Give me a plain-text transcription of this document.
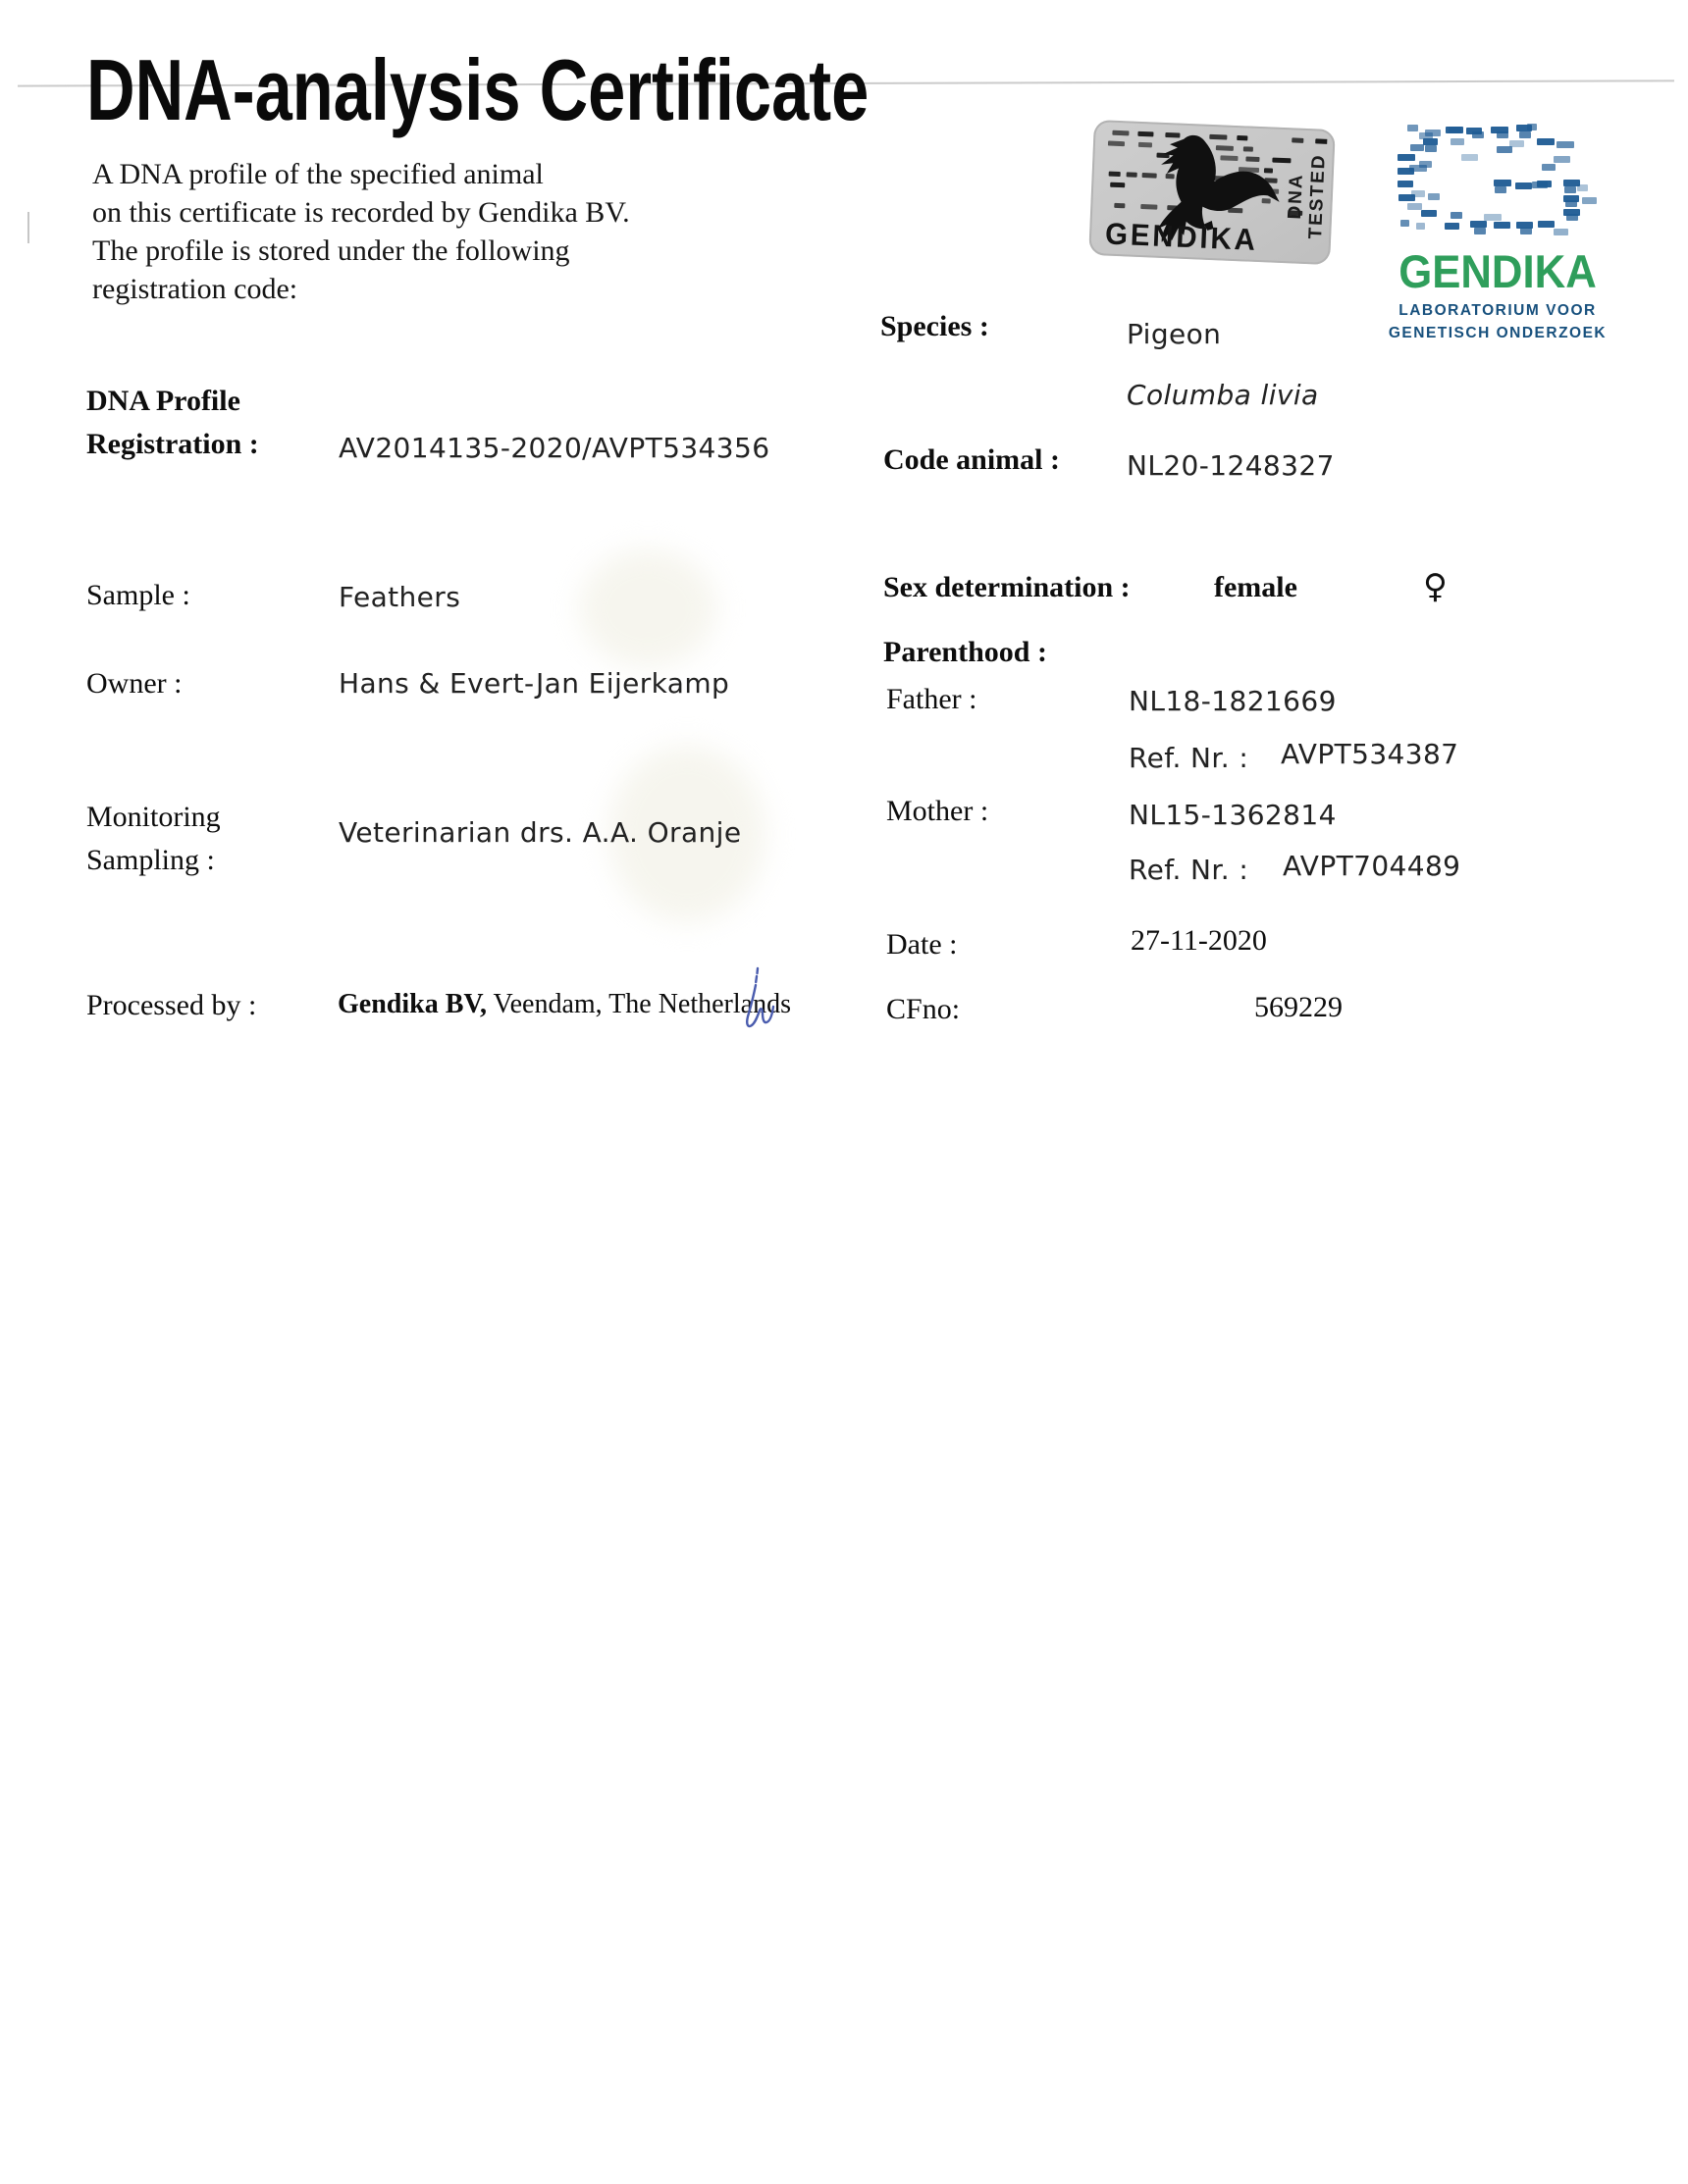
DNA-analysis Certificate
A DNA profile of the specified animal
on this certificate is recorded by Gendika BV.
The profile is stored under the following
registration code:
GENDIKA
DNA TESTED
GENDIKA
LABORATORIUM VOOR
GENETISCH ONDERZOEK
DNA Profile
Registration :	AV2014135-2020/AVPT534356
Sample :	Feathers
Owner :	Hans & Evert-Jan Eijerkamp
Monitoring
Sampling :
Veterinarian drs. A.A. Oranje
Processed by :	Gendika BV, Veendam, The Netherlands
Species :	Pigeon
Columba livia
Code animal : NL20-1248327
Sex determination :	female	♀
Parenthood :
Father :	NL18-1821669
Ref. Nr. : AVPT534387
Mother :	NL15-1362814
Ref. Nr. : AVPT704489
Date :	27-11-2020
CFno:	569229
